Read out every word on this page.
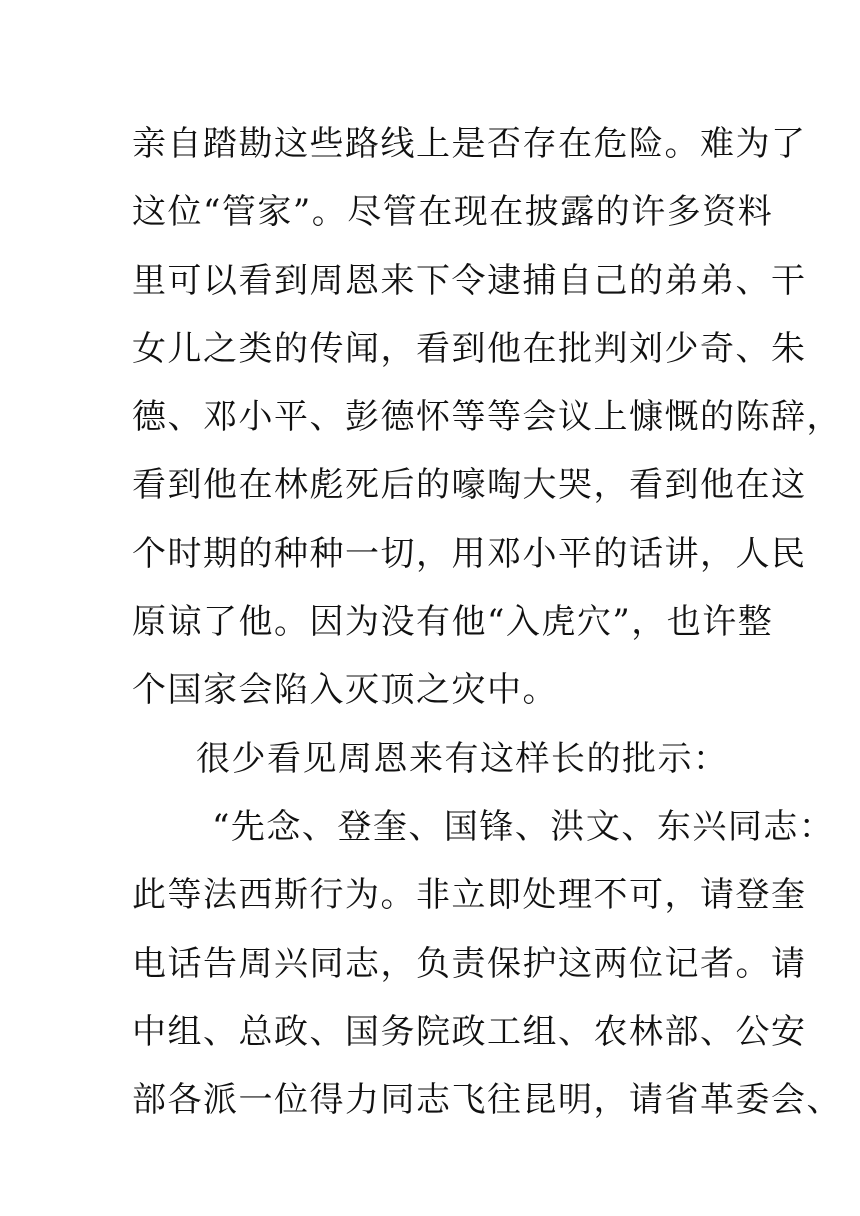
亲自踏勘这些路线上是否存在危险。难为了
这位“管家”。尽管在现在披露的许多资料
里可以看到周恩来下令逮捕自己的弟弟、干
女儿之类的传闻，看到他在批判刘少奇、朱
德、邓小平、彭德怀等等会议上慷慨的陈辞，
看到他在林彪死后的嚎啕大哭，看到他在这
个时期的种种一切，用邓小平的话讲，人民
原谅了他。因为没有他“入虎穴”，也许整
个国家会陷入灭顶之灾中。
很少看见周恩来有这样长的批示：
“先念、登奎、国锋、洪文、东兴同志：
此等法西斯行为。非立即处理不可，请登奎
电话告周兴同志，负责保护这两位记者。请
中组、总政、国务院政工组、农林部、公安
部各派一位得力同志飞往昆明，请省革委会、
